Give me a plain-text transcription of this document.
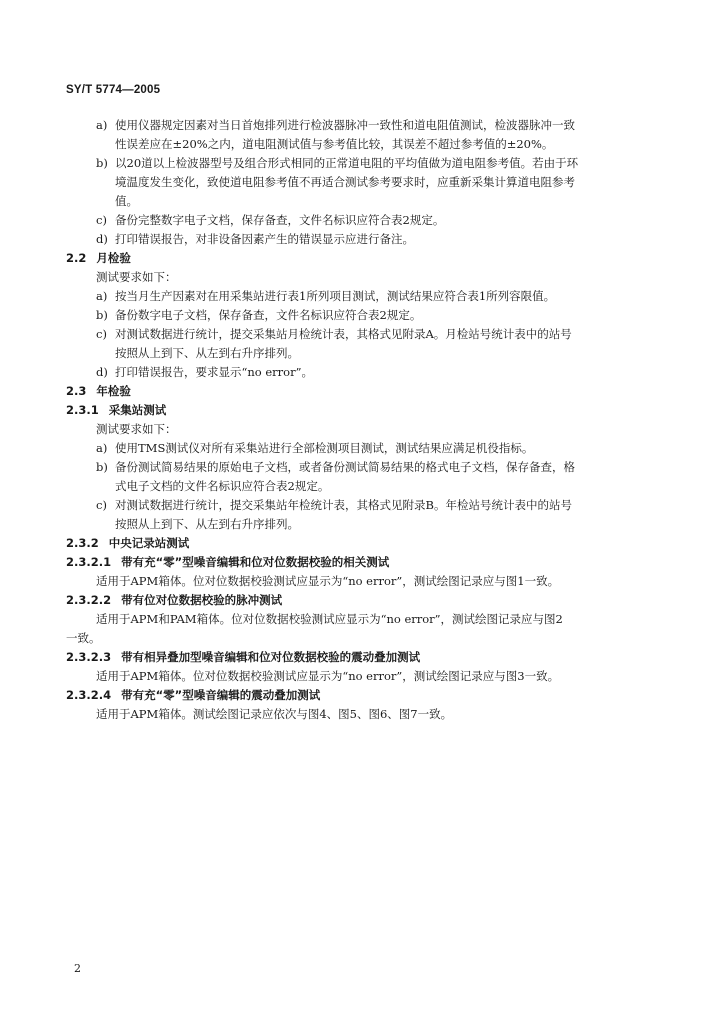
SY/T 5774—2005
a) 使用仪器规定因素对当日首炮排列进行检波器脉冲一致性和道电阻值测试，检波器脉冲一致
性误差应在±20%之内，道电阻测试值与参考值比较，其误差不超过参考值的±20%。
b) 以20道以上检波器型号及组合形式相同的正常道电阻的平均值做为道电阻参考值。若由于环
境温度发生变化，致使道电阻参考值不再适合测试参考要求时，应重新采集计算道电阻参考
值。
c) 备份完整数字电子文档，保存备查，文件名标识应符合表2规定。
d) 打印错误报告，对非设备因素产生的错误显示应进行备注。
2.2 月检验
测试要求如下：
a) 按当月生产因素对在用采集站进行表1所列项目测试，测试结果应符合表1所列容限值。
b) 备份数字电子文档，保存备查，文件名标识应符合表2规定。
c) 对测试数据进行统计，提交采集站月检统计表，其格式见附录A。月检站号统计表中的站号
按照从上到下、从左到右升序排列。
d) 打印错误报告，要求显示“no error”。
2.3 年检验
2.3.1 采集站测试
测试要求如下：
a) 使用TMS测试仪对所有采集站进行全部检测项目测试，测试结果应满足机役指标。
b) 备份测试简易结果的原始电子文档，或者备份测试简易结果的格式电子文档，保存备查，格
式电子文档的文件名标识应符合表2规定。
c) 对测试数据进行统计，提交采集站年检统计表，其格式见附录B。年检站号统计表中的站号
按照从上到下、从左到右升序排列。
2.3.2 中央记录站测试
2.3.2.1 带有充“零”型噪音编辑和位对位数据校验的相关测试
适用于APM箱体。位对位数据校验测试应显示为“no error”，测试绘图记录应与图1一致。
2.3.2.2 带有位对位数据校验的脉冲测试
适用于APM和PAM箱体。位对位数据校验测试应显示为“no error”，测试绘图记录应与图2
一致。
2.3.2.3 带有相异叠加型噪音编辑和位对位数据校验的震动叠加测试
适用于APM箱体。位对位数据校验测试应显示为“no error”，测试绘图记录应与图3一致。
2.3.2.4 带有充“零”型噪音编辑的震动叠加测试
适用于APM箱体。测试绘图记录应依次与图4、图5、图6、图7一致。
2
